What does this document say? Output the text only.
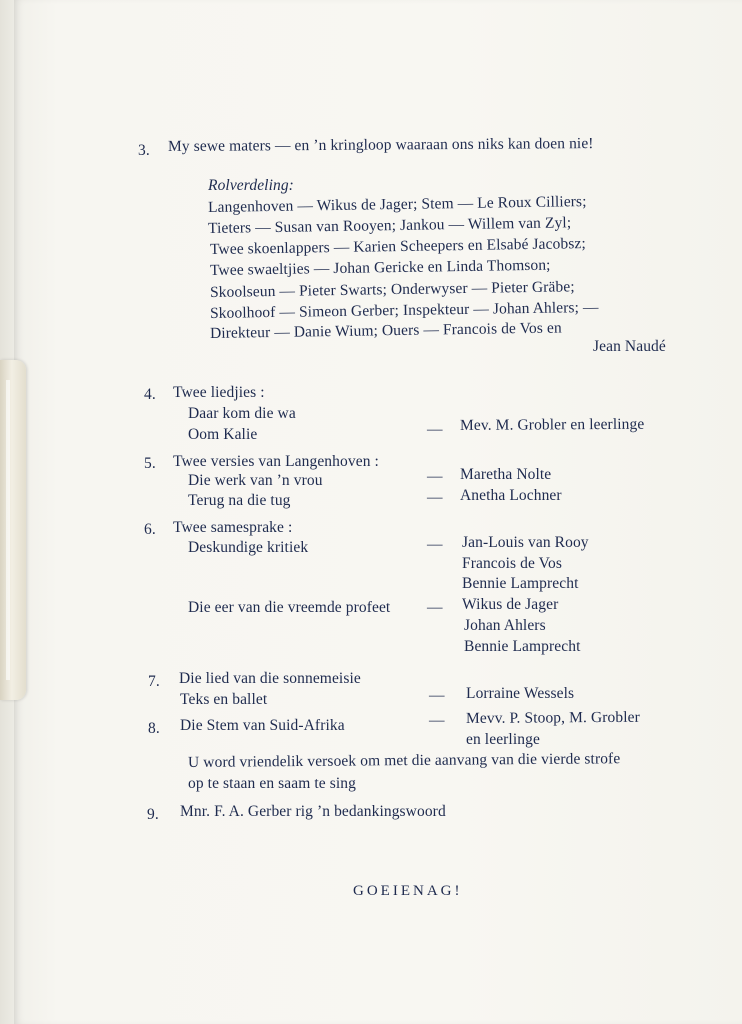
3. My sewe maters — en ’n kringloop waaraan ons niks kan doen nie!
Rolverdeling:
Langenhoven — Wikus de Jager; Stem — Le Roux Cilliers;
Tieters — Susan van Rooyen; Jankou — Willem van Zyl;
Twee skoenlappers — Karien Scheepers en Elsabé Jacobsz;
Twee swaeltjies — Johan Gericke en Linda Thomson;
Skoolseun — Pieter Swarts; Onderwyser — Pieter Gräbe;
Skoolhoof — Simeon Gerber; Inspekteur — Johan Ahlers; —
Direkteur — Danie Wium; Ouers — Francois de Vos en
Jean Naudé
4. Twee liedjies :
Daar kom die wa
Oom Kalie	— Mev. M. Grobler en leerlinge
5. Twee versies van Langenhoven :
Die werk van ’n vrou	— Maretha Nolte
Terug na die tug	— Anetha Lochner
6. Twee samesprake :
Deskundige kritiek	— Jan-Louis van Rooy
Francois de Vos
Bennie Lamprecht
Die eer van die vreemde profeet — Wikus de Jager
Johan Ahlers
Bennie Lamprecht
7. Die lied van die sonnemeisie
Teks en ballet	— Lorraine Wessels
8. Die Stem van Suid-Afrika	— Mevv. P. Stoop, M. Grobler
en leerlinge
U word vriendelik versoek om met die aanvang van die vierde strofe
op te staan en saam te sing
9. Mnr. F. A. Gerber rig ’n bedankingswoord
GOEIENAG!
